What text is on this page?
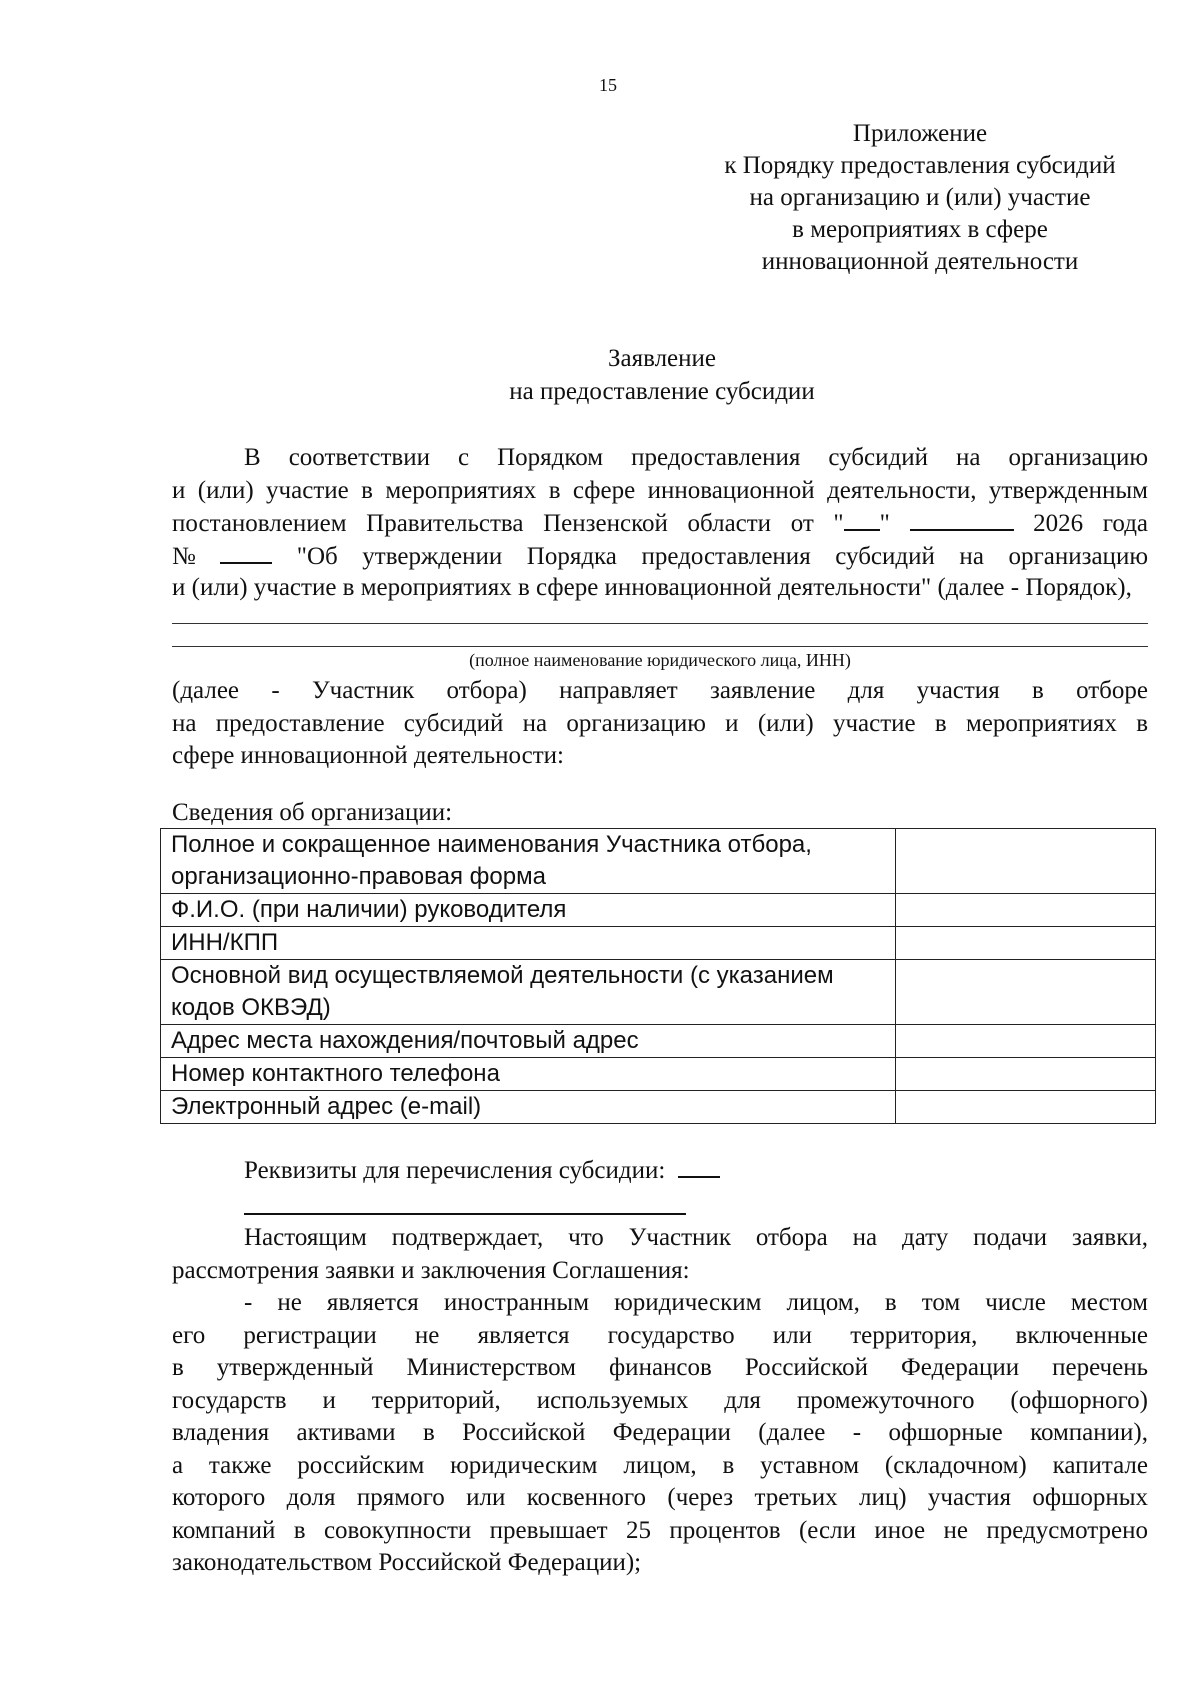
15
Приложение
к Порядку предоставления субсидий
на организацию и (или) участие
в мероприятиях в сфере
инновационной деятельности
Заявление
на предоставление субсидии
В соответствии с Порядком предоставления субсидий на организацию
и (или) участие в мероприятиях в сфере инновационной деятельности, утвержденным
постановлением Правительства Пензенской области от " "	2026 года
№	"Об утверждении Порядка предоставления субсидий на организацию
и (или) участие в мероприятиях в сфере инновационной деятельности" (далее - Порядок),
(полное наименование юридического лица, ИНН)
(далее - Участник отбора) направляет заявление для участия в отборе
на предоставление субсидий на организацию и (или) участие в мероприятиях в
сфере инновационной деятельности:
Сведения об организации:
Полное и сокращенное наименования Участника отбора, организационно-правовая форма	
Ф.И.О. (при наличии) руководителя	
ИНН/КПП	
Основной вид осуществляемой деятельности (с указанием кодов ОКВЭД)	
Адрес места нахождения/почтовый адрес	
Номер контактного телефона	
Электронный адрес (e-mail)	
Реквизиты для перечисления субсидии:
Настоящим подтверждает, что Участник отбора на дату подачи заявки,
рассмотрения заявки и заключения Соглашения:
- не является иностранным юридическим лицом, в том числе местом
его регистрации не является государство или территория, включенные
в утвержденный Министерством финансов Российской Федерации перечень
государств и территорий, используемых для промежуточного (офшорного)
владения активами в Российской Федерации (далее - офшорные компании),
а также российским юридическим лицом, в уставном (складочном) капитале
которого доля прямого или косвенного (через третьих лиц) участия офшорных
компаний в совокупности превышает 25 процентов (если иное не предусмотрено
законодательством Российской Федерации);
